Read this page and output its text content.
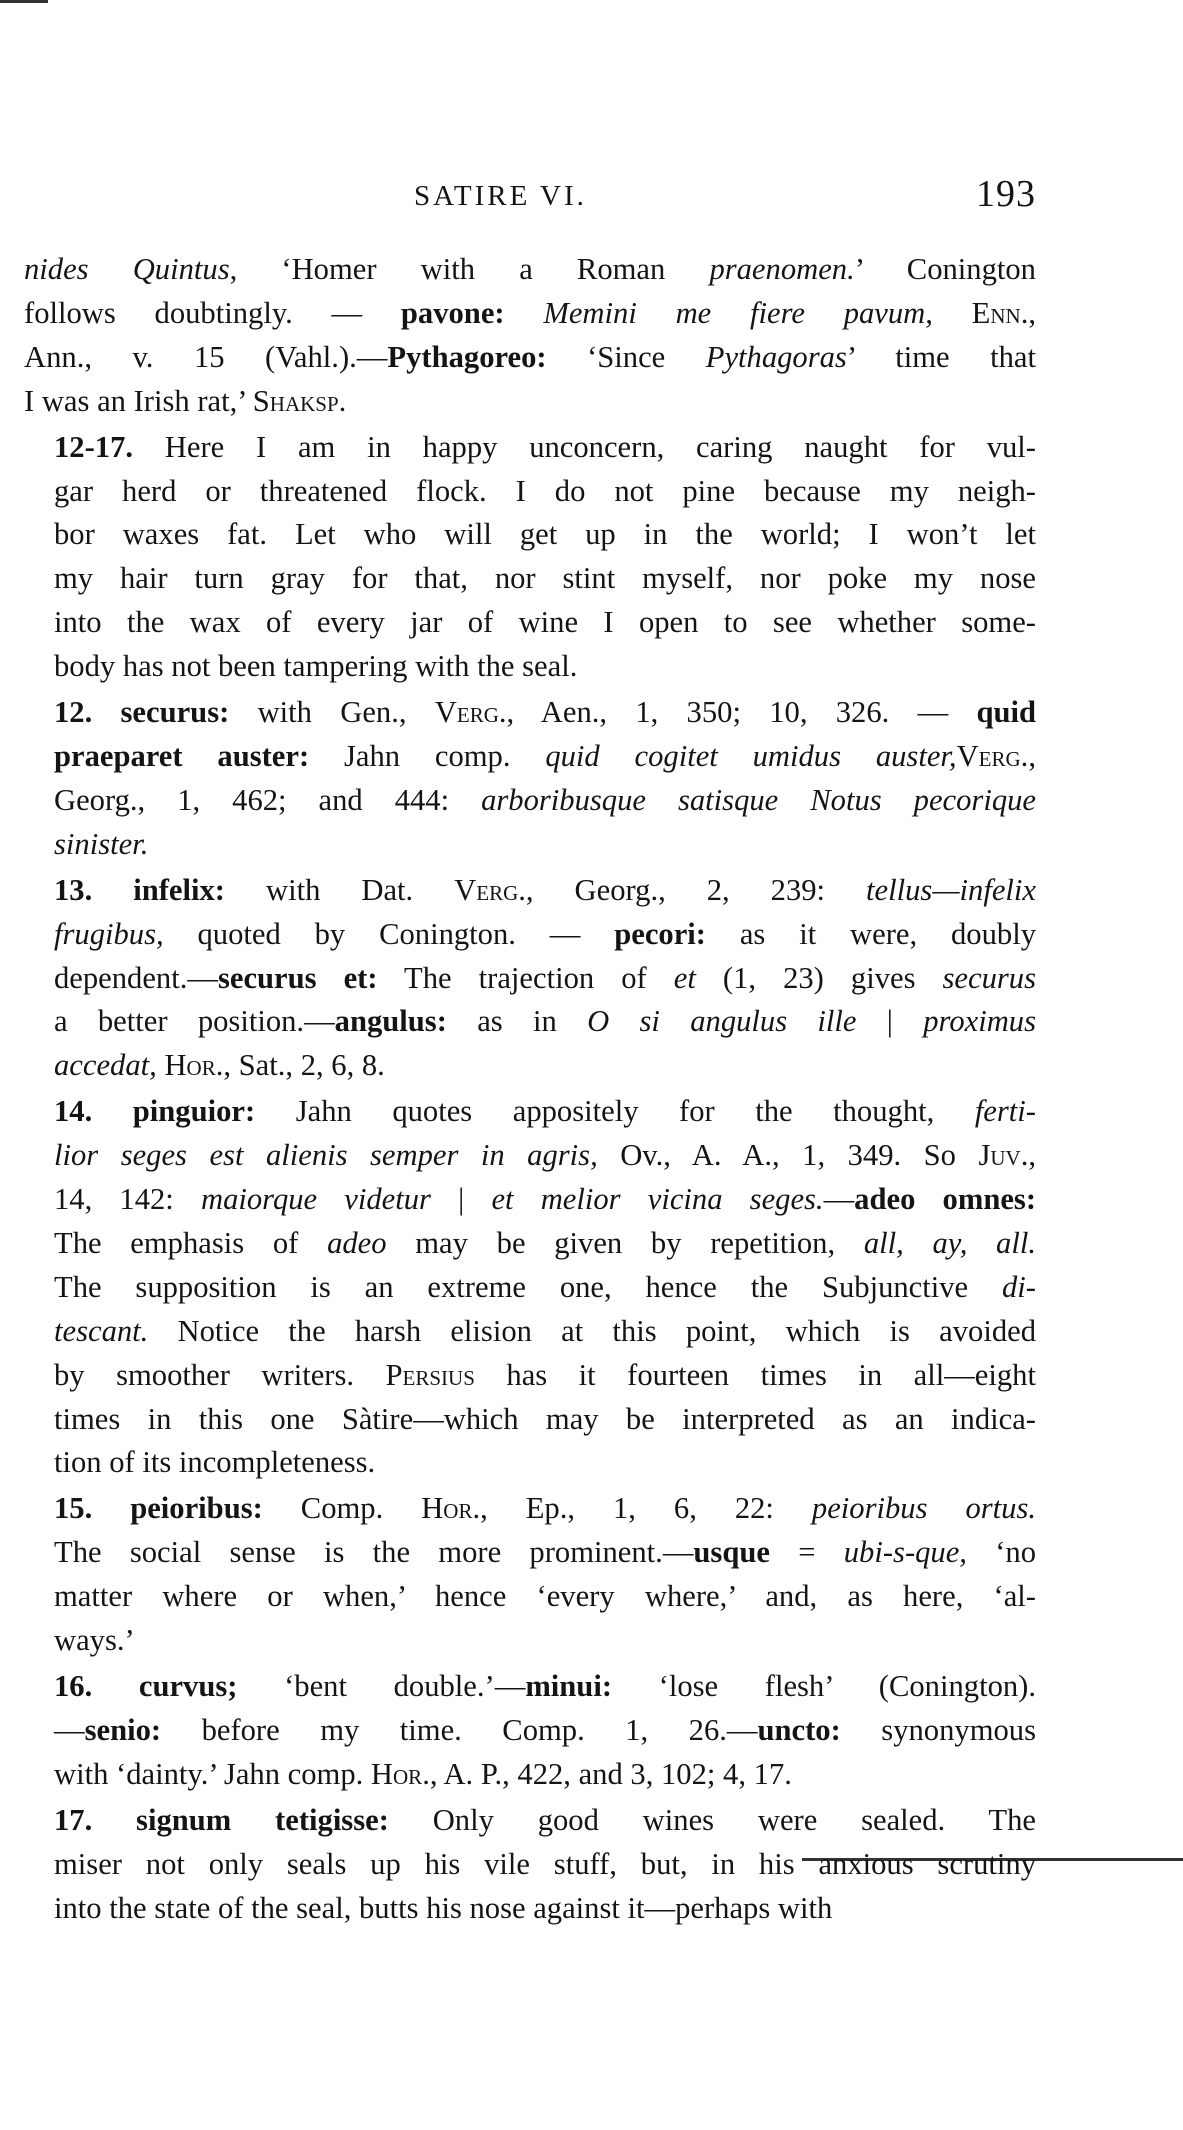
SATIRE VI.	193

nides Quintus, ‘Homer with a Roman praenomen.’ Conington
follows doubtingly. — pavone: Memini me fiere pavum, Enn.,
Ann., v. 15 (Vahl.).—Pythagoreo: ‘Since Pythagoras’ time that
I was an Irish rat,’ Shaksp.

12-17. Here I am in happy unconcern, caring naught for vul-
gar herd or threatened flock. I do not pine because my neigh-
bor waxes fat. Let who will get up in the world; I won’t let
my hair turn gray for that, nor stint myself, nor poke my nose
into the wax of every jar of wine I open to see whether some-
body has not been tampering with the seal.

12. securus: with Gen., Verg., Aen., 1, 350; 10, 326. — quid
praeparet auster: Jahn comp. quid cogitet umidus auster,Verg.,
Georg., 1, 462; and 444: arboribusque satisque Notus pecorique
sinister.

13. infelix: with Dat. Verg., Georg., 2, 239: tellus—infelix
frugibus, quoted by Conington. — pecori: as it were, doubly
dependent.—securus et: The trajection of et (1, 23) gives securus
a better position.—angulus: as in O si angulus ille | proximus
accedat, Hor., Sat., 2, 6, 8.

14. pinguior: Jahn quotes appositely for the thought, ferti-
lior seges est alienis semper in agris, Ov., A. A., 1, 349. So Juv.,
14, 142: maiorque videtur | et melior vicina seges.—adeo omnes:
The emphasis of adeo may be given by repetition, all, ay, all.
The supposition is an extreme one, hence the Subjunctive di-
tescant. Notice the harsh elision at this point, which is avoided
by smoother writers. Persius has it fourteen times in all—eight
times in this one Sàtire—which may be interpreted as an indica-
tion of its incompleteness.

15. peioribus: Comp. Hor., Ep., 1, 6, 22: peioribus ortus.
The social sense is the more prominent.—usque = ubi-s-que, ‘no
matter where or when,’ hence ‘every where,’ and, as here, ‘al-
ways.’

16. curvus; ‘bent double.’—minui: ‘lose flesh’ (Conington).
—senio: before my time. Comp. 1, 26.—uncto: synonymous
with ‘dainty.’ Jahn comp. Hor., A. P., 422, and 3, 102; 4, 17.

17. signum tetigisse: Only good wines were sealed. The
miser not only seals up his vile stuff, but, in his anxious scrutiny
into the state of the seal, butts his nose against it—perhaps with
